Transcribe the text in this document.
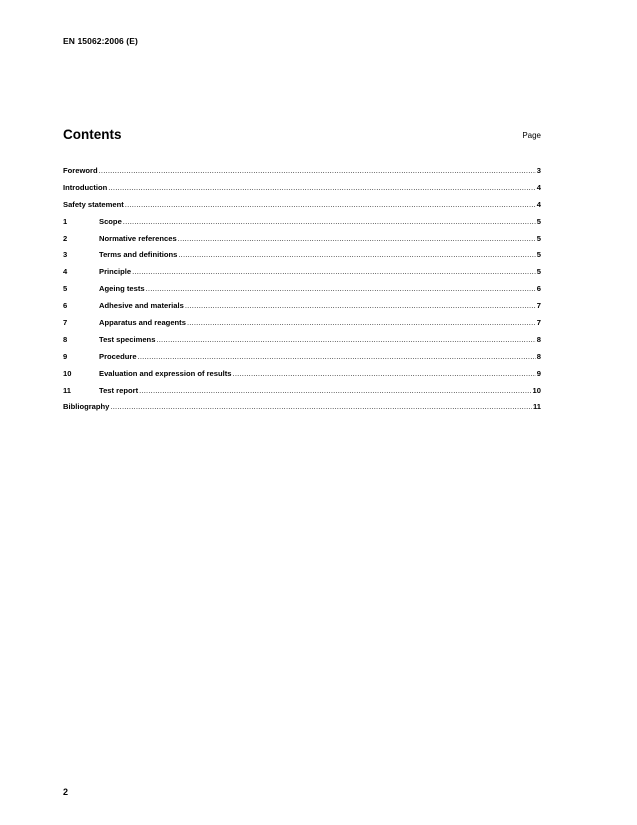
EN 15062:2006 (E)
Contents	Page
Foreword .....	3
Introduction .....	4
Safety statement .....	4
1	Scope .....	5
2	Normative references .....	5
3	Terms and definitions .....	5
4	Principle .....	5
5	Ageing tests .....	6
6	Adhesive and materials .....	7
7	Apparatus and reagents .....	7
8	Test specimens .....	8
9	Procedure .....	8
10	Evaluation and expression of results .....	9
11	Test report .....	10
Bibliography .....	11
2
